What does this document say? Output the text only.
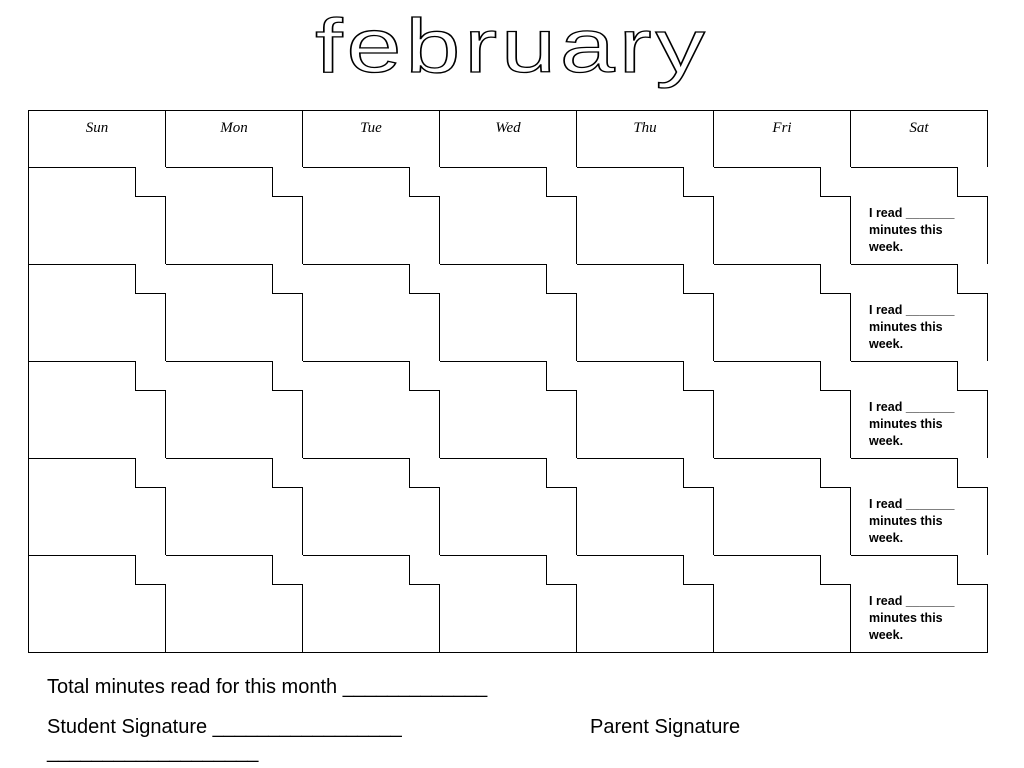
february
Sun	Mon	Tue	Wed	Thu	Fri	Sat

						I read _______ minutes this week.

						I read _______ minutes this week.

						I read _______ minutes this week.

						I read _______ minutes this week.

						I read _______ minutes this week.
Total minutes read for this month _____________
Student Signature _________________	Parent Signature
___________________
